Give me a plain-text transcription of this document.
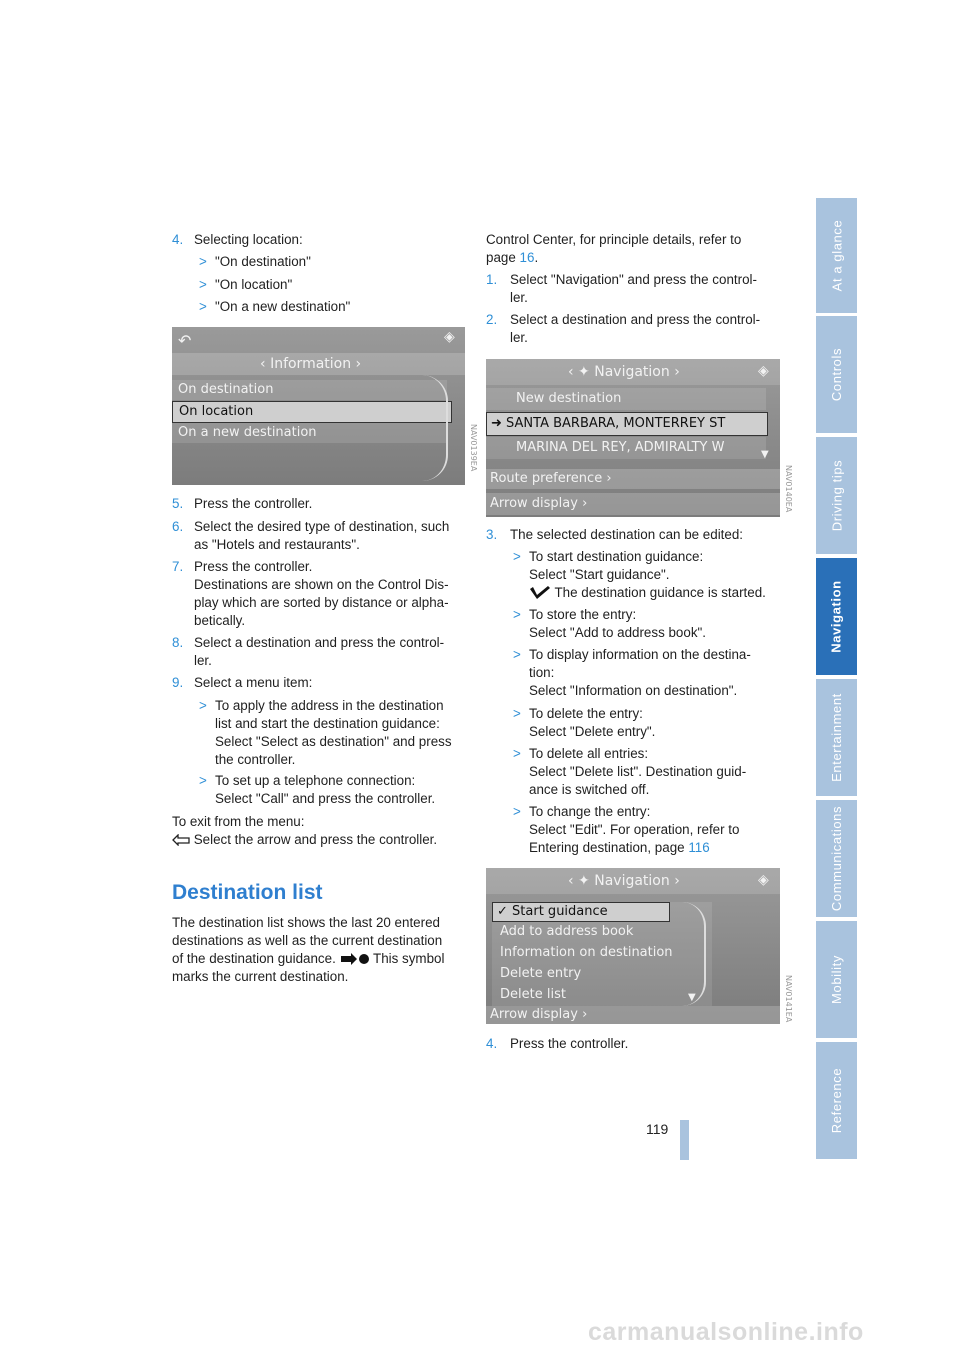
At a glance
Controls
Driving tips
Navigation
Entertainment
Communications
Mobility
Reference
4. Selecting location:
> "On destination"
> "On location"
> "On a new destination"
↶	◈
‹ Information ›
On destination
On location
On a new destination	NAV0139EA
5. Press the controller.
6. Select the desired type of destination, such
as "Hotels and restaurants".
7. Press the controller.
Destinations are shown on the Control Dis-
play which are sorted by distance or alpha-
betically.
8. Select a destination and press the control-
ler.
9. Select a menu item:
> To apply the address in the destination
list and start the destination guidance:
Select "Select as destination" and press
the controller.
> To set up a telephone connection:
Select "Call" and press the controller.
To exit from the menu:
Select the arrow and press the controller.
Destination list
The destination list shows the last 20 entered
destinations as well as the current destination
of the destination guidance.	This symbol
marks the current destination.
Control Center, for principle details, refer to
page 16.
1. Select "Navigation" and press the control-
ler.
2. Select a destination and press the control-
ler.
‹ ✦ Navigation ›	◈
New destination
➜ SANTA BARBARA, MONTERREY ST
MARINA DEL REY, ADMIRALTY W
Route preference ›
Arrow display ›
▼
NAV0140EA
3. The selected destination can be edited:
> To start destination guidance:
Select "Start guidance".
The destination guidance is started.
> To store the entry:
Select "Add to address book".
> To display information on the destina-
tion:
Select "Information on destination".
> To delete the entry:
Select "Delete entry".
> To delete all entries:
Select "Delete list". Destination guid-
ance is switched off.
> To change the entry:
Select "Edit". For operation, refer to
Entering destination, page 116
‹ ✦ Navigation ›	◈
✓ Start guidance
Add to address book
Information on destination
Delete entry
Delete list	▼
Arrow display ›	NAV0141EA
4. Press the controller.
119
Online Edition for Part-No. 01 41 0 158 445 - © 09/04 BMW AG
carmanualsonline.info
